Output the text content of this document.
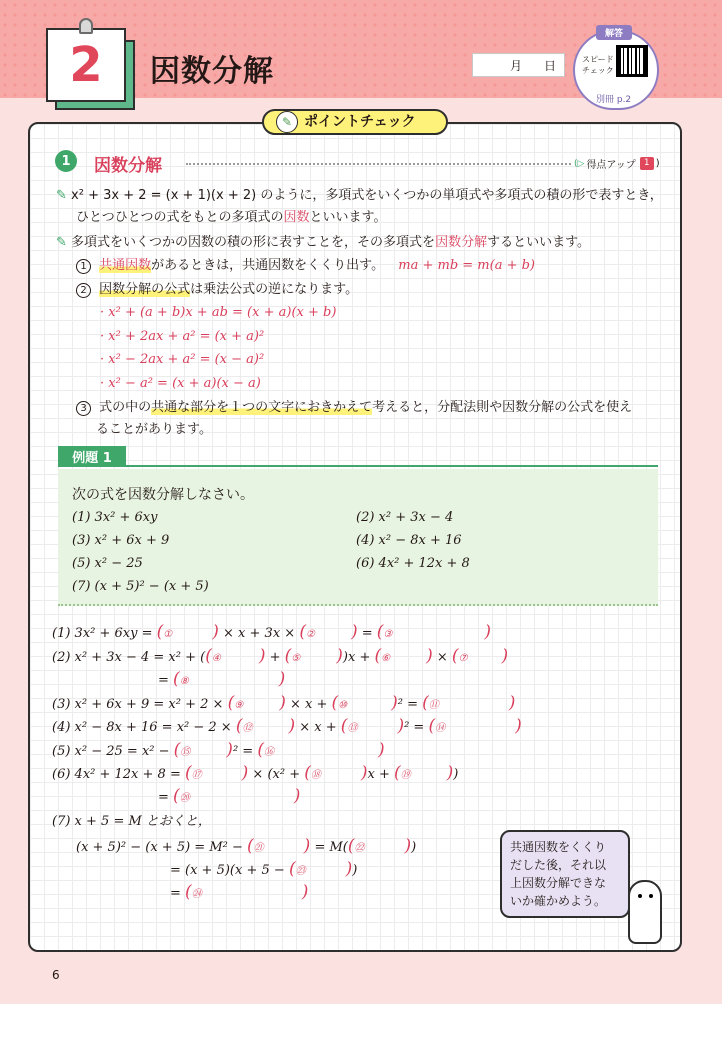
2	因数分解	月 日
解答
スピード
チェック
別冊 p.2
✎ ポイントチェック
1	因数分解	(▷ 得点アップ 1 )
✎ x² + 3x + 2 = (x + 1)(x + 2) のように，多項式をいくつかの単項式や多項式の積の形で表すとき，
ひとつひとつの式をもとの多項式の因数といいます。
✎ 多項式をいくつかの因数の積の形に表すことを，その多項式を因数分解するといいます。
1 共通因数があるときは，共通因数をくくり出す。 ma + mb = m(a + b)
2 因数分解の公式は乗法公式の逆になります。
· x² + (a + b)x + ab = (x + a)(x + b)
· x² + 2ax + a² = (x + a)²
· x² − 2ax + a² = (x − a)²
· x² − a² = (x + a)(x − a)
3 式の中の共通な部分を１つの文字におきかえて考えると，分配法則や因数分解の公式を使え
ることがあります。
例題 1
次の式を因数分解しなさい。
(1) 3x² + 6xy	(2) x² + 3x − 4
(3) x² + 6x + 9	(4) x² − 8x + 16
(5) x² − 25	(6) 4x² + 12x + 8
(7) (x + 5)² − (x + 5)
(1) 3x² + 6xy = (① ) × x + 3x × (② ) = (③	)
(2) x² + 3x − 4 = x² + ((④ ) + (⑤ ))x + (⑥ ) × (⑦ )
= (⑧	)
(3) x² + 6x + 9 = x² + 2 × (⑨ ) × x + (⑩	)² = (⑪	)
(4) x² − 8x + 16 = x² − 2 × (⑫ ) × x + (⑬ )² = (⑭	)
(5) x² − 25 = x² − (⑮ )² = (⑯	)
(6) 4x² + 12x + 8 = (⑰ ) × (x² + (⑱ )x + (⑲ ))
= (⑳	)
(7) x + 5 = M とおくと，
(x + 5)² − (x + 5) = M² − (㉑ ) = M((㉒ ))
= (x + 5)(x + 5 − (㉓ ))
= (㉔	)
共通因数をくくり
だした後，それ以
上因数分解できな
いか確かめよう。
6
